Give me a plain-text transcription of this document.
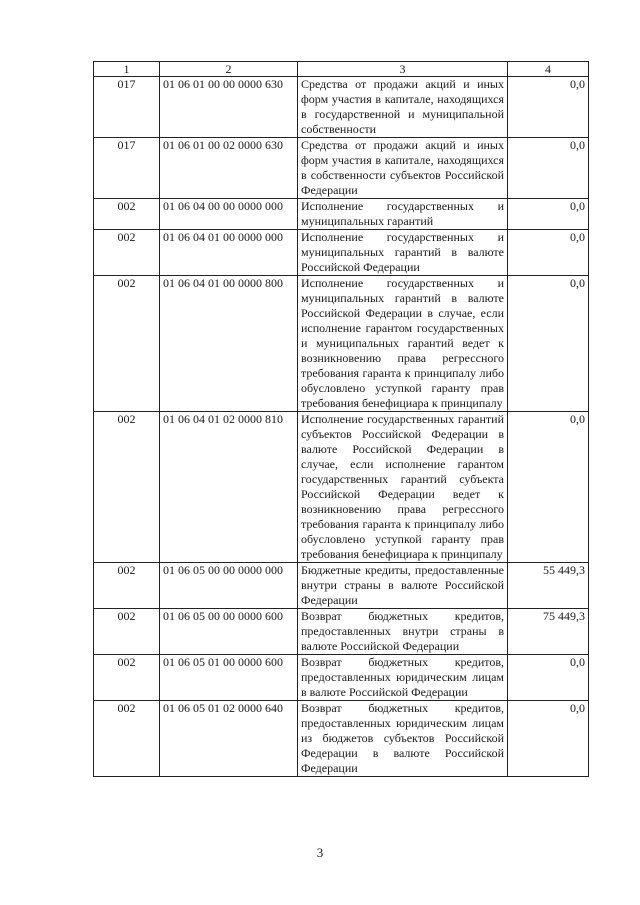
1	2	3	4
017	01 06 01 00 00 0000 630	Средства от продажи акций и иных форм участия в капитале, находящихся в государственной и муниципальной собственности	0,0
017	01 06 01 00 02 0000 630	Средства от продажи акций и иных форм участия в капитале, находящихся в собственности субъектов Российской Федерации	0,0
002	01 06 04 00 00 0000 000	Исполнение государственных и муниципальных гарантий	0,0
002	01 06 04 01 00 0000 000	Исполнение государственных и муниципальных гарантий в валюте Российской Федерации	0,0
002	01 06 04 01 00 0000 800	Исполнение государственных и муниципальных гарантий в валюте Российской Федерации в случае, если исполнение гарантом государственных и муниципальных гарантий ведет к возникновению права регрессного требования гаранта к принципалу либо обусловлено уступкой гаранту прав требования бенефициара к принципалу	0,0
002	01 06 04 01 02 0000 810	Исполнение государственных гарантий субъектов Российской Федерации в валюте Российской Федерации в случае, если исполнение гарантом государственных гарантий субъекта Российской Федерации ведет к возникновению права регрессного требования гаранта к принципалу либо обусловлено уступкой гаранту прав требования бенефициара к принципалу	0,0
002	01 06 05 00 00 0000 000	Бюджетные кредиты, предоставленные внутри страны в валюте Российской Федерации	55 449,3
002	01 06 05 00 00 0000 600	Возврат бюджетных кредитов, предоставленных внутри страны в валюте Российской Федерации	75 449,3
002	01 06 05 01 00 0000 600	Возврат бюджетных кредитов, предоставленных юридическим лицам в валюте Российской Федерации	0,0
002	01 06 05 01 02 0000 640	Возврат бюджетных кредитов, предоставленных юридическим лицам из бюджетов субъектов Российской Федерации в валюте Российской Федерации	0,0
3
